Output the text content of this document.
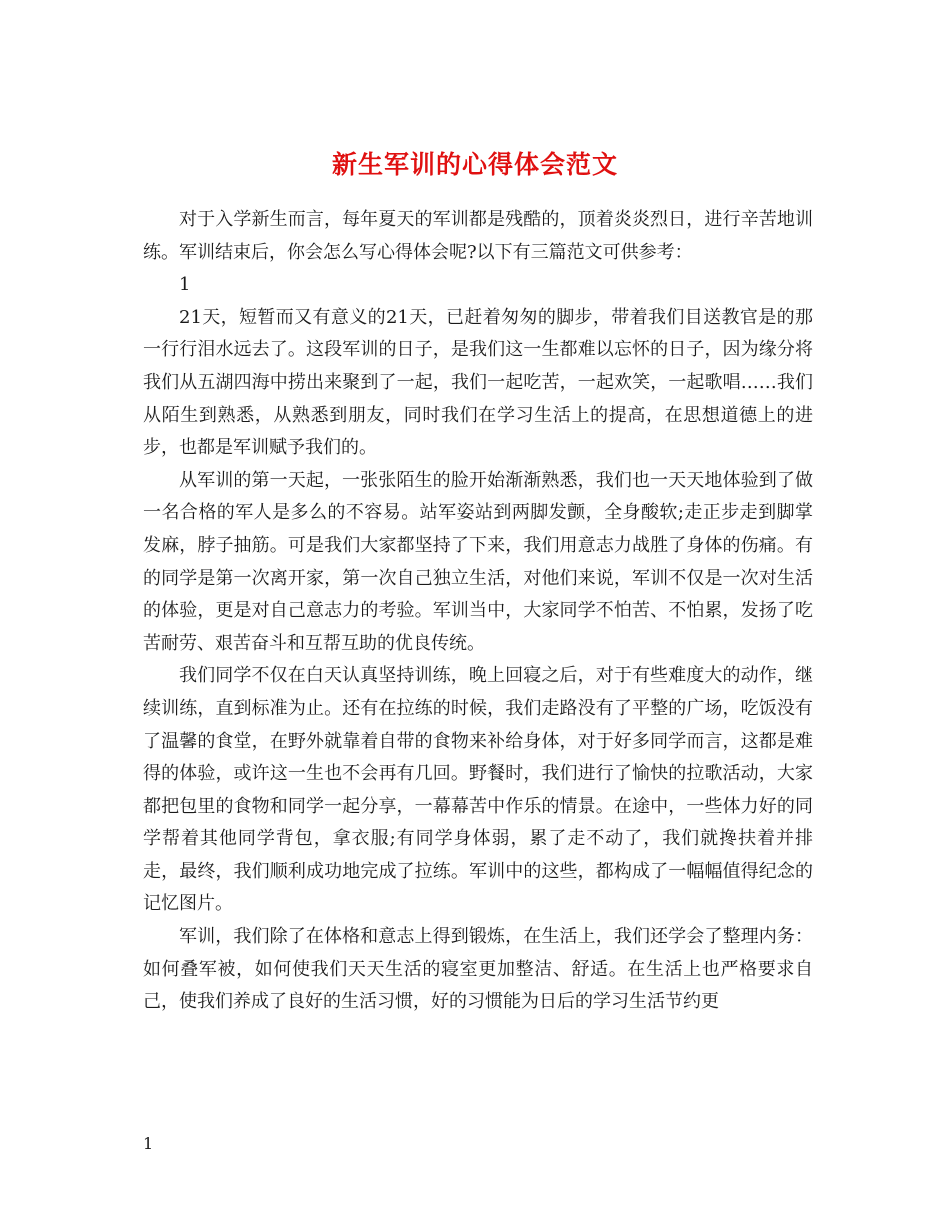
新生军训的心得体会范文

对于入学新生而言，每年夏天的军训都是残酷的，顶着炎炎烈日，进行辛苦地训练。军训结束后，你会怎么写心得体会呢?以下有三篇范文可供参考：

1

21天，短暂而又有意义的21天，已赶着匆匆的脚步，带着我们目送教官是的那一行行泪水远去了。这段军训的日子，是我们这一生都难以忘怀的日子，因为缘分将我们从五湖四海中捞出来聚到了一起，我们一起吃苦，一起欢笑，一起歌唱……我们从陌生到熟悉，从熟悉到朋友，同时我们在学习生活上的提高，在思想道德上的进步，也都是军训赋予我们的。

从军训的第一天起，一张张陌生的脸开始渐渐熟悉，我们也一天天地体验到了做一名合格的军人是多么的不容易。站军姿站到两脚发颤，全身酸软;走正步走到脚掌发麻，脖子抽筋。可是我们大家都坚持了下来，我们用意志力战胜了身体的伤痛。有的同学是第一次离开家，第一次自己独立生活，对他们来说，军训不仅是一次对生活的体验，更是对自己意志力的考验。军训当中，大家同学不怕苦、不怕累，发扬了吃苦耐劳、艰苦奋斗和互帮互助的优良传统。

我们同学不仅在白天认真坚持训练，晚上回寝之后，对于有些难度大的动作，继续训练，直到标准为止。还有在拉练的时候，我们走路没有了平整的广场，吃饭没有了温馨的食堂，在野外就靠着自带的食物来补给身体，对于好多同学而言，这都是难得的体验，或许这一生也不会再有几回。野餐时，我们进行了愉快的拉歌活动，大家都把包里的食物和同学一起分享，一幕幕苦中作乐的情景。在途中，一些体力好的同学帮着其他同学背包，拿衣服;有同学身体弱，累了走不动了，我们就搀扶着并排走，最终，我们顺利成功地完成了拉练。军训中的这些，都构成了一幅幅值得纪念的记忆图片。

军训，我们除了在体格和意志上得到锻炼，在生活上，我们还学会了整理内务：如何叠军被，如何使我们天天生活的寝室更加整洁、舒适。在生活上也严格要求自己，使我们养成了良好的生活习惯，好的习惯能为日后的学习生活节约更

1
